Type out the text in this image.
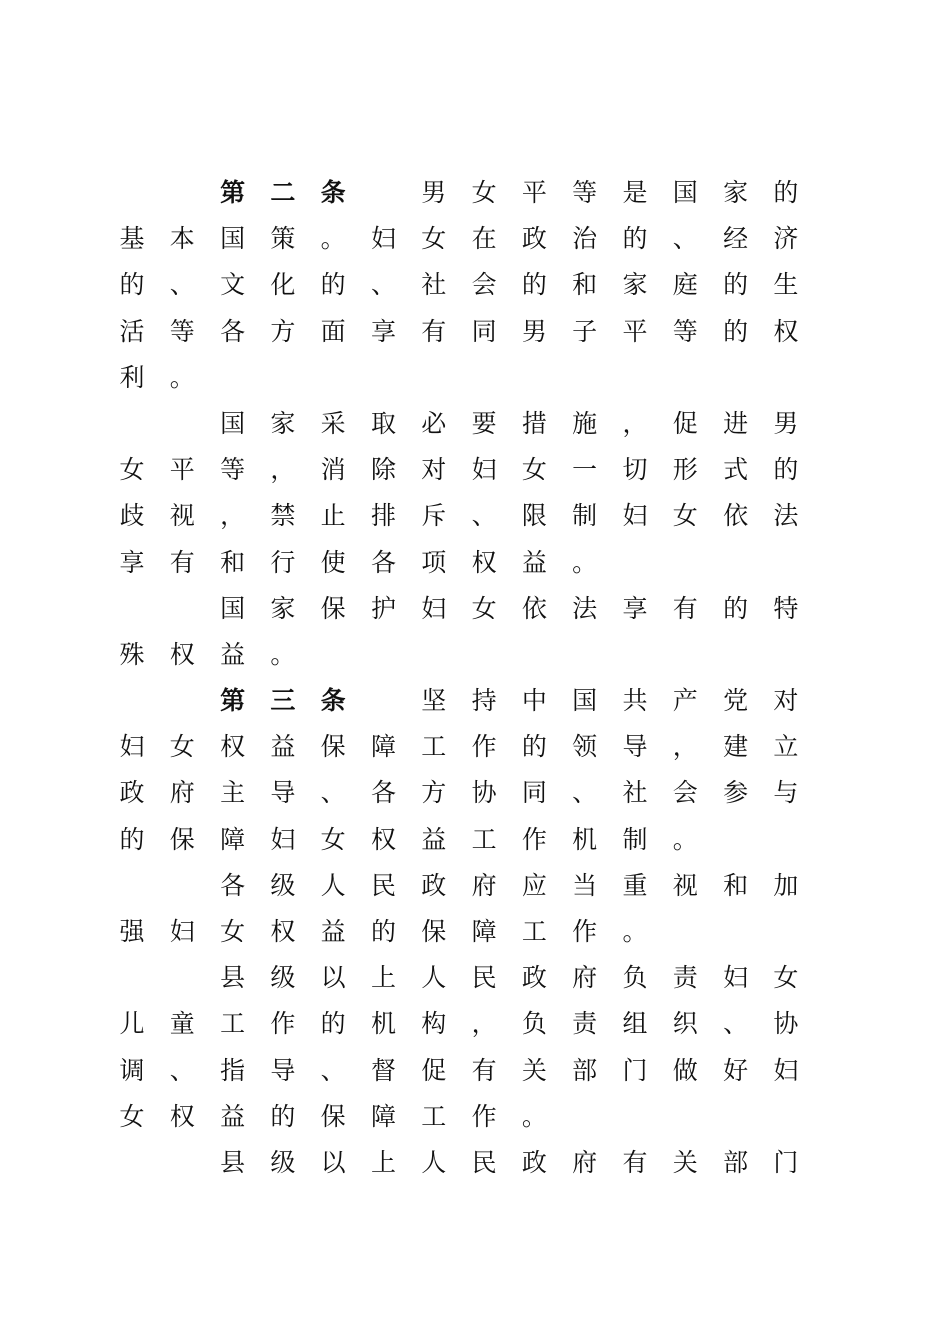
第 二 条	男 女 平 等 是 国 家 的
基 本 国 策 。 妇 女 在 政 治 的 、 经 济
的 、 文 化 的 、 社 会 的 和 家 庭 的 生
活 等 各 方 面 享 有 同 男 子 平 等 的 权
利 。
国 家 采 取 必 要 措 施 ， 促 进 男
女 平 等 ， 消 除 对 妇 女 一 切 形 式 的
歧 视 ， 禁 止 排 斥 、 限 制 妇 女 依 法
享 有 和 行 使 各 项 权 益 。
国 家 保 护 妇 女 依 法 享 有 的 特
殊 权 益 。
第 三 条	坚 持 中 国 共 产 党 对
妇 女 权 益 保 障 工 作 的 领 导 ， 建 立
政 府 主 导 、 各 方 协 同 、 社 会 参 与
的 保 障 妇 女 权 益 工 作 机 制 。
各 级 人 民 政 府 应 当 重 视 和 加
强 妇 女 权 益 的 保 障 工 作 。
县 级 以 上 人 民 政 府 负 责 妇 女
儿 童 工 作 的 机 构 ， 负 责 组 织 、 协
调 、 指 导 、 督 促 有 关 部 门 做 好 妇
女 权 益 的 保 障 工 作 。
县 级 以 上 人 民 政 府 有 关 部 门
